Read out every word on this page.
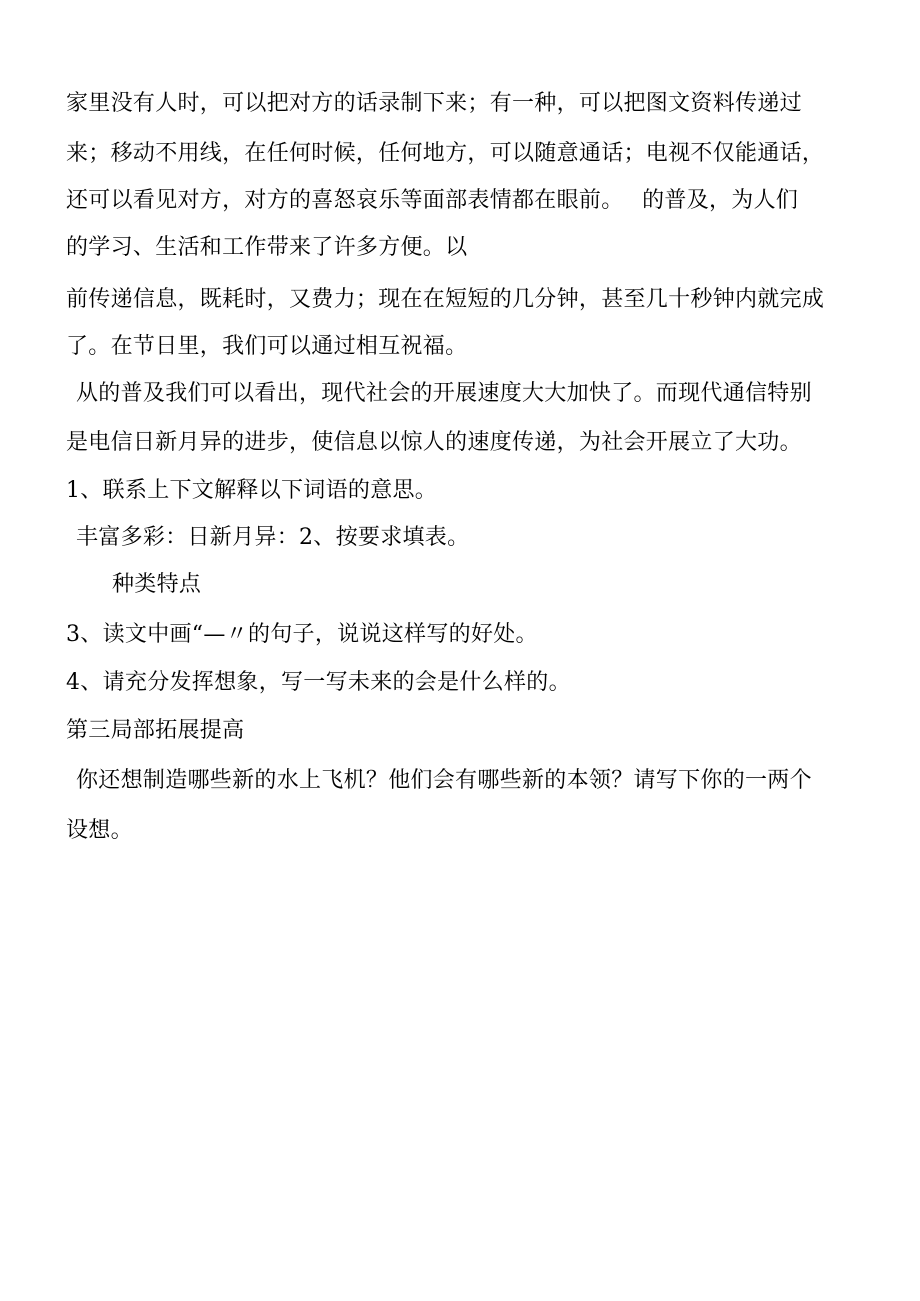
家里没有人时，可以把对方的话录制下来；有一种，可以把图文资料传递过
来；移动不用线，在任何时候，任何地方，可以随意通话；电视不仅能通话，
还可以看见对方，对方的喜怒哀乐等面部表情都在眼前。　 的普及，为人们
的学习、生活和工作带来了许多方便。以
前传递信息，既耗时，又费力；现在在短短的几分钟，甚至几十秒钟内就完成
了。在节日里，我们可以通过相互祝福。
从的普及我们可以看出，现代社会的开展速度大大加快了。而现代通信特别
是电信日新月异的进步，使信息以惊人的速度传递，为社会开展立了大功。
1、联系上下文解释以下词语的意思。
丰富多彩：日新月异：2、按要求填表。
种类特点
3、读文中画“—〃的句子，说说这样写的好处。
4、请充分发挥想象，写一写未来的会是什么样的。
第三局部拓展提高
你还想制造哪些新的水上飞机？他们会有哪些新的本领？请写下你的一两个
设想。
